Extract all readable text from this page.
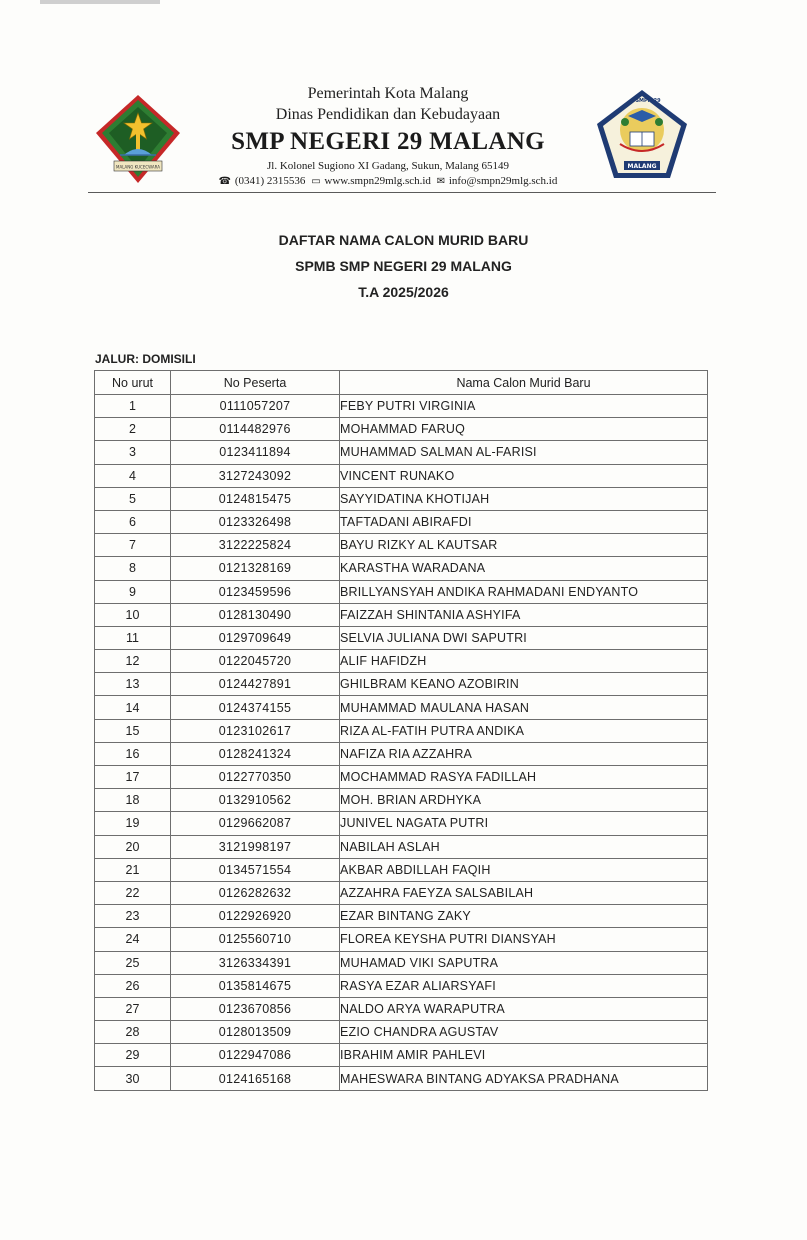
MALANG KUCECWARA
Pemerintah Kota Malang
Dinas Pendidikan dan Kebudayaan
SMP NEGERI 29 MALANG
Jl. Kolonel Sugiono XI Gadang, Sukun, Malang 65149
☎ (0341) 2315536 ▭ www.smpn29mlg.sch.id ✉ info@smpn29mlg.sch.id
SMPN 29
MALANG
DAFTAR NAMA CALON MURID BARU
SPMB SMP NEGERI 29 MALANG
T.A 2025/2026
JALUR: DOMISILI
No urut	No Peserta	Nama Calon Murid Baru
1	0111057207	FEBY PUTRI VIRGINIA
2	0114482976	MOHAMMAD FARUQ
3	0123411894	MUHAMMAD SALMAN AL-FARISI
4	3127243092	VINCENT RUNAKO
5	0124815475	SAYYIDATINA KHOTIJAH
6	0123326498	TAFTADANI ABIRAFDI
7	3122225824	BAYU RIZKY AL KAUTSAR
8	0121328169	KARASTHA WARADANA
9	0123459596	BRILLYANSYAH ANDIKA RAHMADANI ENDYANTO
10	0128130490	FAIZZAH SHINTANIA ASHYIFA
11	0129709649	SELVIA JULIANA DWI SAPUTRI
12	0122045720	ALIF HAFIDZH
13	0124427891	GHILBRAM KEANO AZOBIRIN
14	0124374155	MUHAMMAD MAULANA HASAN
15	0123102617	RIZA AL-FATIH PUTRA ANDIKA
16	0128241324	NAFIZA RIA AZZAHRA
17	0122770350	MOCHAMMAD RASYA FADILLAH
18	0132910562	MOH. BRIAN ARDHYKA
19	0129662087	JUNIVEL NAGATA PUTRI
20	3121998197	NABILAH ASLAH
21	0134571554	AKBAR ABDILLAH FAQIH
22	0126282632	AZZAHRA FAEYZA SALSABILAH
23	0122926920	EZAR BINTANG ZAKY
24	0125560710	FLOREA KEYSHA PUTRI DIANSYAH
25	3126334391	MUHAMAD VIKI SAPUTRA
26	0135814675	RASYA EZAR ALIARSYAFI
27	0123670856	NALDO ARYA WARAPUTRA
28	0128013509	EZIO CHANDRA AGUSTAV
29	0122947086	IBRAHIM AMIR PAHLEVI
30	0124165168	MAHESWARA BINTANG ADYAKSA PRADHANA
